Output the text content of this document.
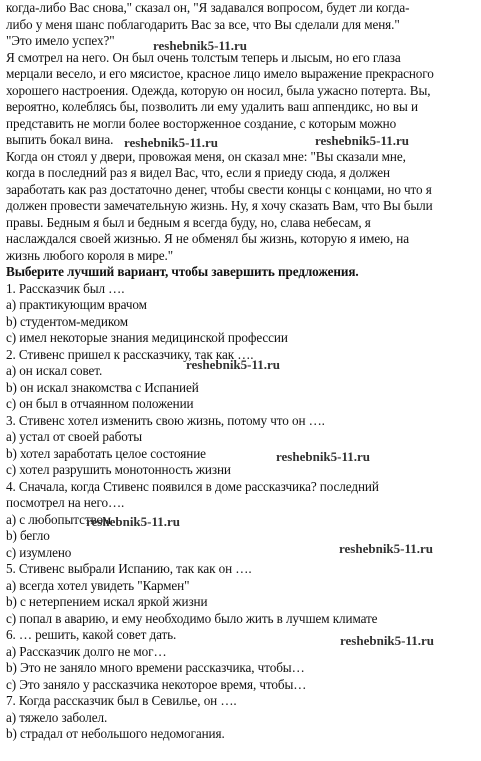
когда-либо Вас снова," сказал он, "Я задавался вопросом, будет ли когда-
либо у меня шанс поблагодарить Вас за все, что Вы сделали для меня."
"Это имело успех?"
Я смотрел на него. Он был очень толстым теперь и лысым, но его глаза
мерцали весело, и его мясистое, красное лицо имело выражение прекрасного
хорошего настроения. Одежда, которую он носил, была ужасно потерта. Вы,
вероятно, колеблясь бы, позволить ли ему удалить ваш аппендикс, но вы и
представить не могли более восторженное создание, с которым можно
выпить бокал вина.
Когда он стоял у двери, провожая меня, он сказал мне: "Вы сказали мне,
когда в последний раз я видел Вас, что, если я приеду сюда, я должен
заработать как раз достаточно денег, чтобы свести концы с концами, но что я
должен провести замечательную жизнь. Ну, я хочу сказать Вам, что Вы были
правы. Бедным я был и бедным я всегда буду, но, слава небесам, я
наслаждался своей жизнью. Я не обменял бы жизнь, которую я имею, на
жизнь любого короля в мире."
Выберите лучший вариант, чтобы завершить предложения.
1. Рассказчик был ….
a) практикующим врачом
b) студентом-медиком
c) имел некоторые знания медицинской профессии
2. Стивенс пришел к рассказчику, так как ….
a) он искал совет.
b) он искал знакомства с Испанией
c) он был в отчаянном положении
3. Стивенс хотел изменить свою жизнь, потому что он ….
a) устал от своей работы
b) хотел заработать целое состояние
c) хотел разрушить монотонность жизни
4. Сначала, когда Стивенс появился в доме рассказчика? последний
посмотрел на него….
a) с любопытством
b) бегло
c) изумлено
5. Стивенс выбрали Испанию, так как он ….
a) всегда хотел увидеть "Кармен"
b) с нетерпением искал яркой жизни
c) попал в аварию, и ему необходимо было жить в лучшем климате
6. … решить, какой совет дать.
a) Рассказчик долго не мог…
b) Это не заняло много времени рассказчика, чтобы…
c) Это заняло у рассказчика некоторое время, чтобы…
7. Когда рассказчик был в Севилье, он ….
a) тяжело заболел.
b) страдал от небольшого недомогания.
reshebnik5-11.ru
reshebnik5-11.ru	reshebnik5-11.ru
reshebnik5-11.ru
reshebnik5-11.ru
reshebnik5-11.ru
reshebnik5-11.ru
reshebnik5-11.ru
